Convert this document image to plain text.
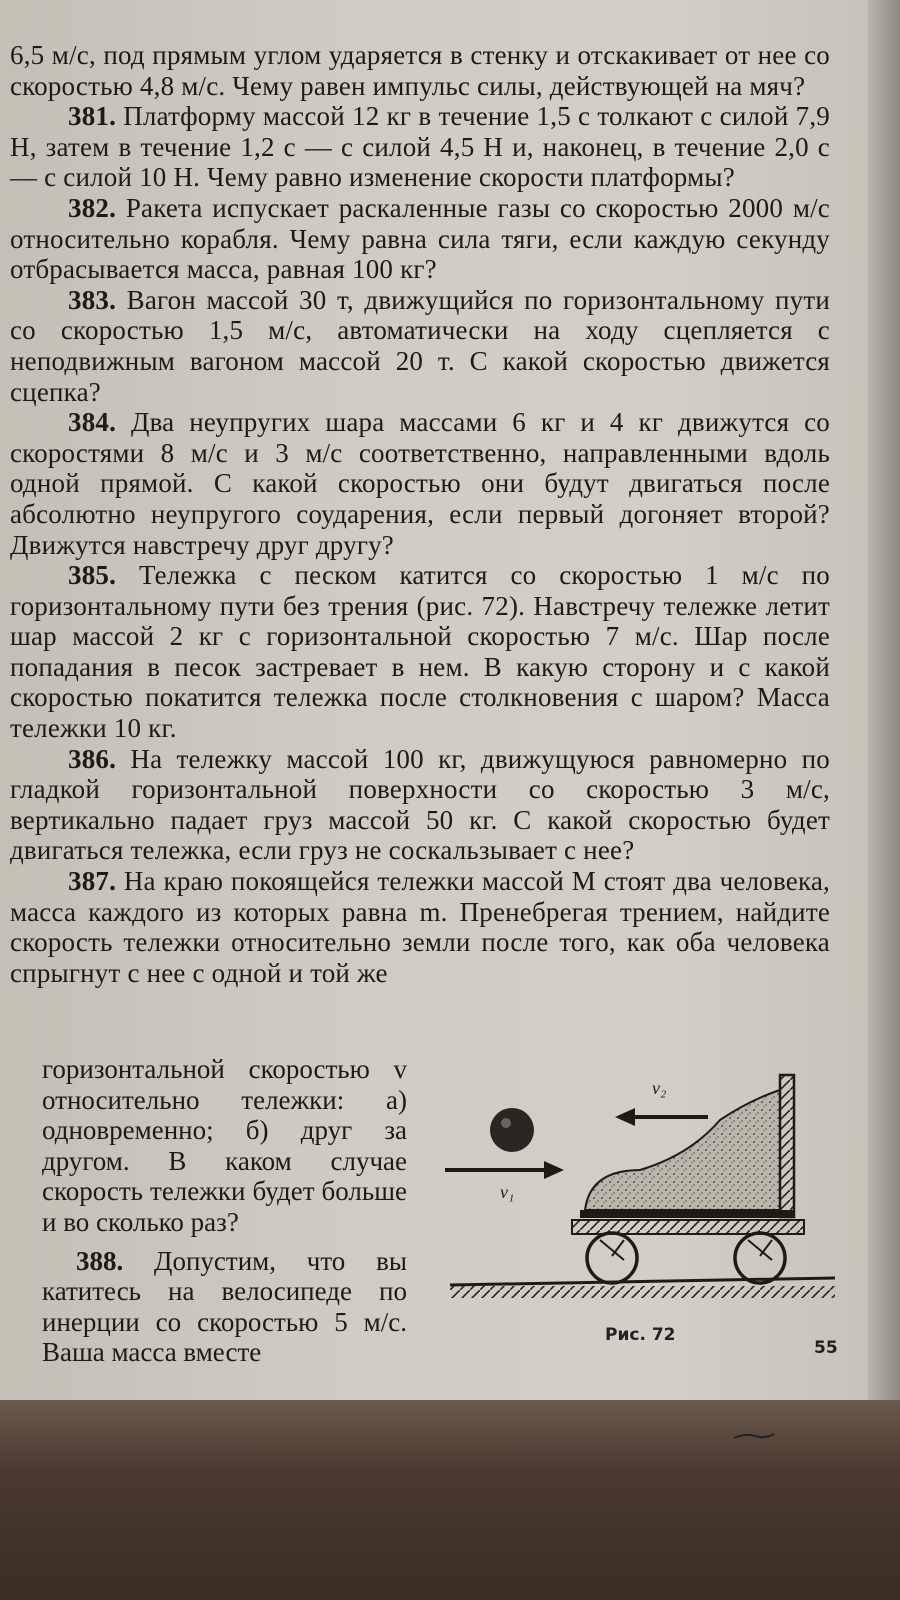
6,5 м/с, под прямым углом ударяется в стенку и отскакивает от нее со скоростью 4,8 м/с. Чему равен импульс силы, действующей на мяч?

381. Платформу массой 12 кг в течение 1,5 с толкают с силой 7,9 Н, затем в течение 1,2 с — с силой 4,5 Н и, наконец, в течение 2,0 с — с силой 10 Н. Чему равно изменение скорости платформы?

382. Ракета испускает раскаленные газы со скоростью 2000 м/с относительно корабля. Чему равна сила тяги, если каждую секунду отбрасывается масса, равная 100 кг?

383. Вагон массой 30 т, движущийся по горизонтальному пути со скоростью 1,5 м/с, автоматически на ходу сцепляется с неподвижным вагоном массой 20 т. С какой скоростью движется сцепка?

384. Два неупругих шара массами 6 кг и 4 кг движутся со скоростями 8 м/с и 3 м/с соответственно, направленными вдоль одной прямой. С какой скоростью они будут двигаться после абсолютно неупругого соударения, если первый догоняет второй? Движутся навстречу друг другу?

385. Тележка с песком катится со скоростью 1 м/с по горизонтальному пути без трения (рис. 72). Навстречу тележке летит шар массой 2 кг с горизонтальной скоростью 7 м/с. Шар после попадания в песок застревает в нем. В какую сторону и с какой скоростью покатится тележка после столкновения с шаром? Масса тележки 10 кг.

386. На тележку массой 100 кг, движущуюся равномерно по гладкой горизонтальной поверхности со скоростью 3 м/с, вертикально падает груз массой 50 кг. С какой скоростью будет двигаться тележка, если груз не соскальзывает с нее?

387. На краю покоящейся тележки массой M стоят два человека, масса каждого из которых равна m. Пренебрегая трением, найдите скорость тележки относительно земли после того, как оба человека спрыгнут с нее с одной и той же

горизонтальной скоростью v относительно тележки: а) одновременно; б) друг за другом. В каком случае скорость тележки будет больше и во сколько раз?

388. Допустим, что вы катитесь на велосипеде по инерции со скоростью 5 м/с. Ваша масса вместе

v₁
v₂
Рис. 72
55
